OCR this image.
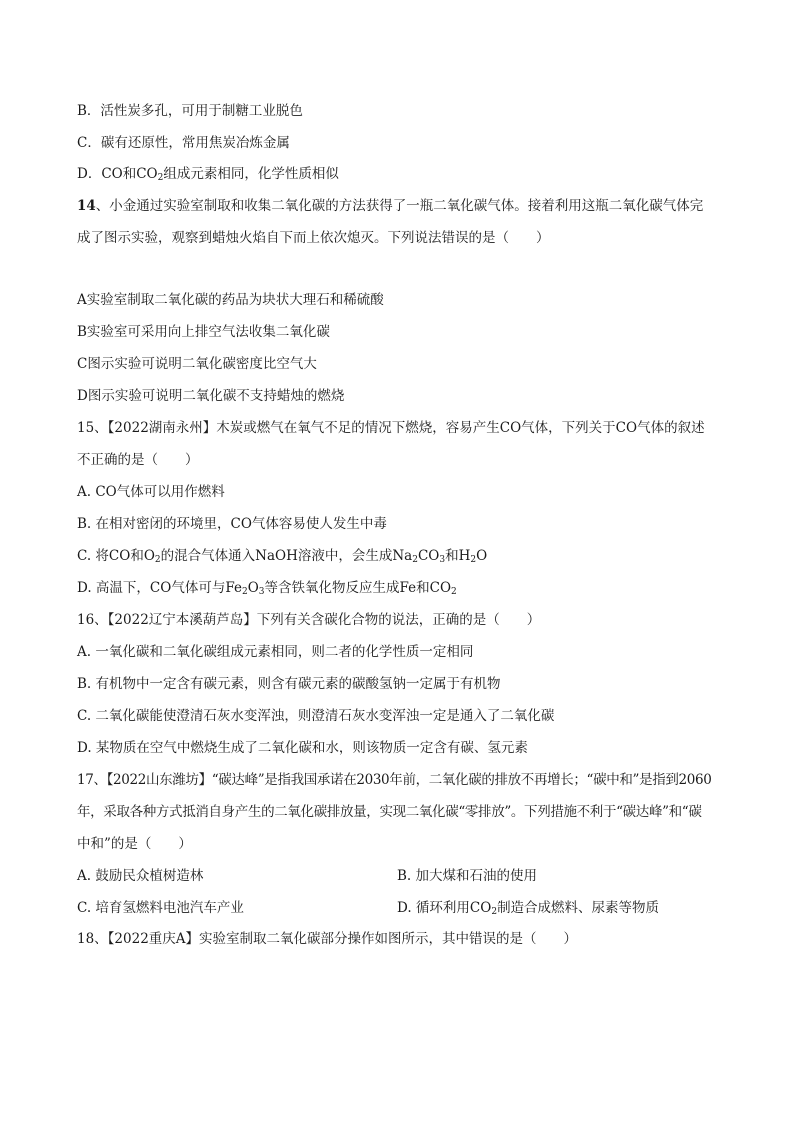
B．活性炭多孔，可用于制糖工业脱色
C．碳有还原性，常用焦炭冶炼金属
D．CO和$CO_2$组成元素相同，化学性质相似
14、小金通过实验室制取和收集二氧化碳的方法获得了一瓶二氧化碳气体。接着利用这瓶二氧化碳气体完
成了图示实验，观察到蜡烛火焰自下而上依次熄灭。下列说法错误的是（　　）
A实验室制取二氧化碳的药品为块状大理石和稀硫酸
B实验室可采用向上排空气法收集二氧化碳
C图示实验可说明二氧化碳密度比空气大
D图示实验可说明二氧化碳不支持蜡烛的燃烧
15、【2022湖南永州】木炭或燃气在氧气不足的情况下燃烧，容易产生CO气体，下列关于CO气体的叙述
不正确的是（　　）
A. CO气体可以用作燃料
B. 在相对密闭的环境里，CO气体容易使人发生中毒
C. 将CO和$O_2$的混合气体通入NaOH溶液中，会生成$Na_2CO_3$和$H_2O$
D. 高温下，CO气体可与$Fe_2O_3$等含铁氧化物反应生成Fe和$CO_2$
16、【2022辽宁本溪葫芦岛】下列有关含碳化合物的说法，正确的是（　　）
A. 一氧化碳和二氧化碳组成元素相同，则二者的化学性质一定相同
B. 有机物中一定含有碳元素，则含有碳元素的碳酸氢钠一定属于有机物
C. 二氧化碳能使澄清石灰水变浑浊，则澄清石灰水变浑浊一定是通入了二氧化碳
D. 某物质在空气中燃烧生成了二氧化碳和水，则该物质一定含有碳、氢元素
17、【2022山东潍坊】“碳达峰”是指我国承诺在2030年前，二氧化碳的排放不再增长；“碳中和”是指到2060
年，采取各种方式抵消自身产生的二氧化碳排放量，实现二氧化碳“零排放”。下列措施不利于“碳达峰”和“碳
中和”的是（　　）
A. 鼓励民众植树造林	B. 加大煤和石油的使用
C. 培育氢燃料电池汽车产业	D. 循环利用$CO_2$制造合成燃料、尿素等物质
18、【2022重庆A】实验室制取二氧化碳部分操作如图所示，其中错误的是（　　）
